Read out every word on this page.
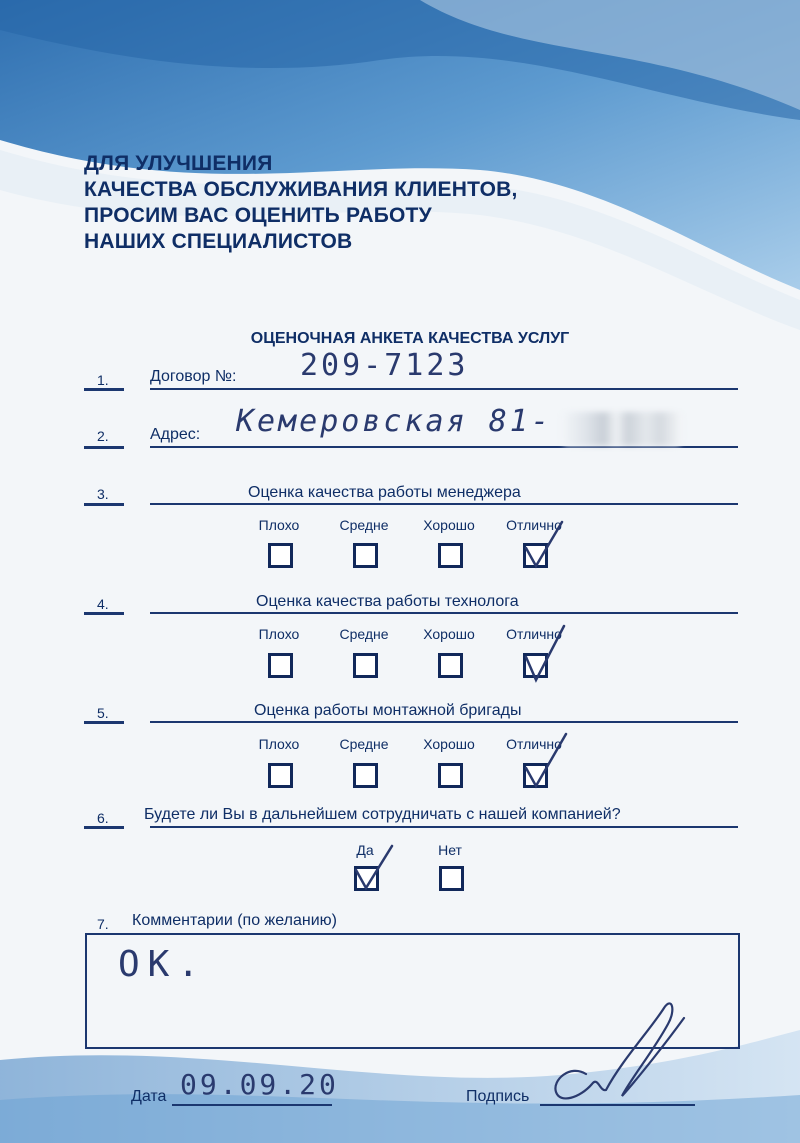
ДЛЯ УЛУЧШЕНИЯ
КАЧЕСТВА ОБСЛУЖИВАНИЯ КЛИЕНТОВ,
ПРОСИМ ВАС ОЦЕНИТЬ РАБОТУ
НАШИХ СПЕЦИАЛИСТОВ
ОЦЕНОЧНАЯ АНКЕТА КАЧЕСТВА УСЛУГ
1.	Договор №: 209-7123
2.	Адрес: Кемеровская 81-
3.	Оценка качества работы менеджера
Плохо	Средне	Хорошо	Отлично
4.	Оценка качества работы технолога
Плохо	Средне	Хорошо	Отлично
5.	Оценка работы монтажной бригады
Плохо	Средне	Хорошо	Отлично
6. Будете ли Вы в дальнейшем сотрудничать с нашей компанией?
Да	Нет
7. Комментарии (по желанию)
ОК.
Дата 09.09.20	Подпись
